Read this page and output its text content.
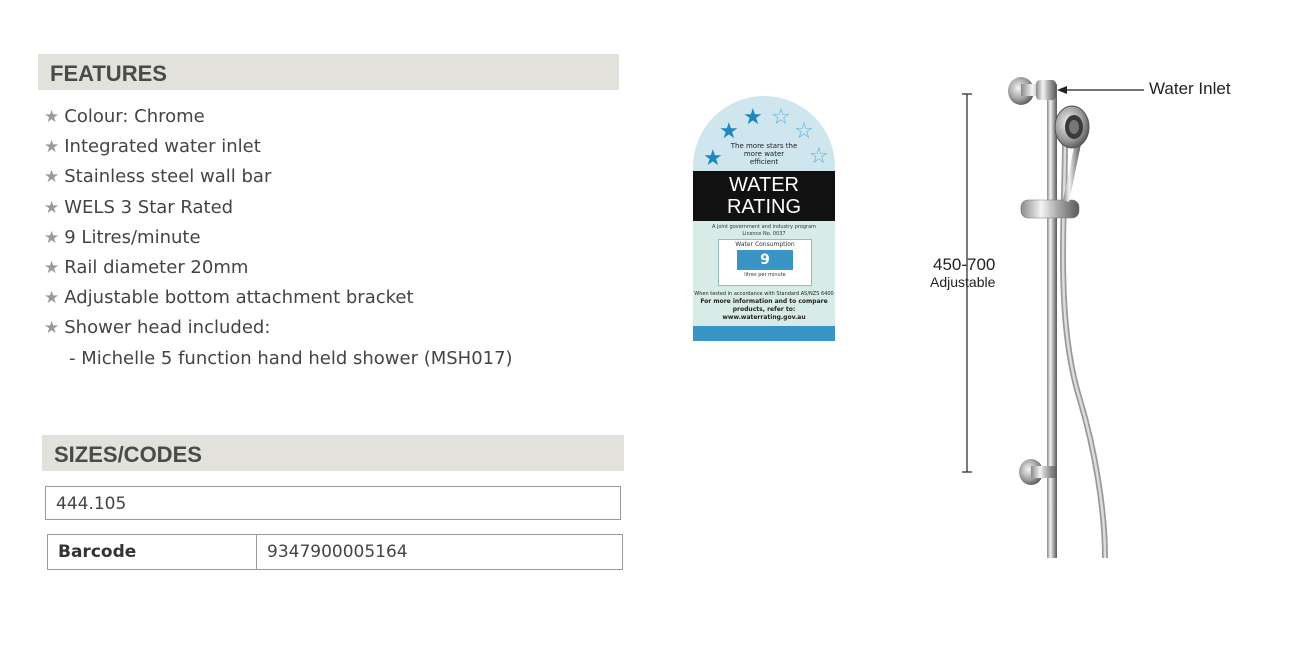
FEATURES
★ Colour: Chrome
★ Integrated water inlet
★ Stainless steel wall bar
★ WELS 3 Star Rated
★ 9 Litres/minute
★ Rail diameter 20mm
★ Adjustable bottom attachment bracket
★ Shower head included:
- Michelle 5 function hand held shower (MSH017)
SIZES/CODES
444.105
Barcode	9347900005164
★
★
★ ☆
☆
☆
The more stars the more water efficient
WATER
RATING
A joint government and industry program
Licence No. 0037
Water Consumption
9
litres per minute
When tested in accordance with Standard AS/NZS 6400
For more information and to compare products, refer to:
www.waterrating.gov.au
Water Inlet
450-700
Adjustable
